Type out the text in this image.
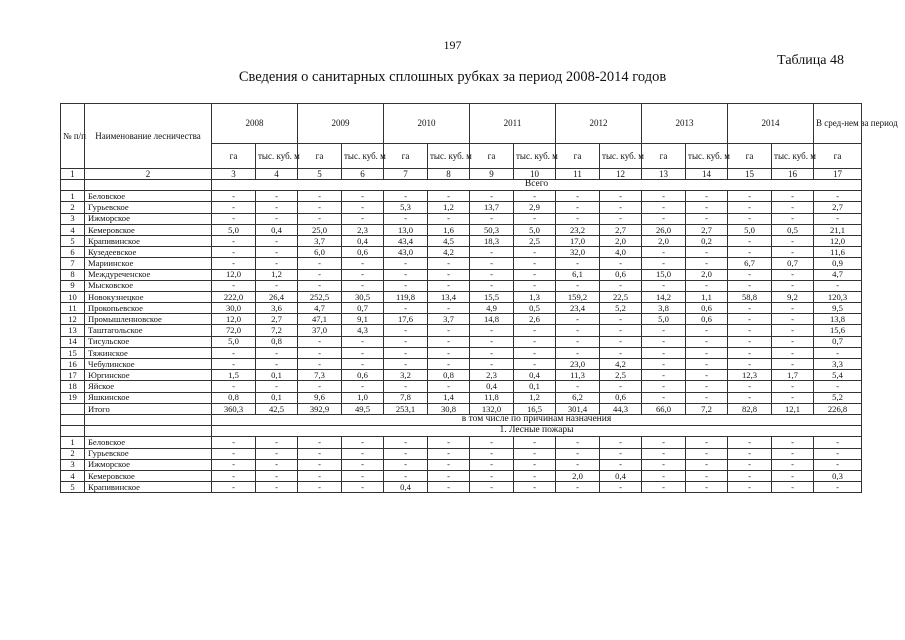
197
Таблица 48
Сведения о санитарных сплошных рубках за период 2008-2014 годов
№ п/п	Наименование лесничества	2008		2009		2010		2011		2012		2013		2014		В сред-нем за период
		га	тыс. куб. м	га	тыс. куб. м	га	тыс. куб. м	га	тыс. куб. м	га	тыс. куб. м	га	тыс. куб. м	га	тыс. куб. м	га
1	2	3	4	5	6	7	8	9	10	11	12	13	14	15	16	17
		Всего														
1	Беловское	-	-	-	-	-	-	-	-	-	-	-	-	-	-	-
2	Гурьевское	-	-	-	-	5,3	1,2	13,7	2,9	-	-	-	-	-	-	2,7
3	Ижморское	-	-	-	-	-	-	-	-	-	-	-	-	-	-	-
4	Кемеровское	5,0	0,4	25,0	2,3	13,0	1,6	50,3	5,0	23,2	2,7	26,0	2,7	5,0	0,5	21,1
5	Крапивинское	-	-	3,7	0,4	43,4	4,5	18,3	2,5	17,0	2,0	2,0	0,2	-	-	12,0
6	Кузедеевское	-	-	6,0	0,6	43,0	4,2	-	-	32,0	4,0	-	-	-	-	11,6
7	Мариинское	-	-	-	-	-	-	-	-	-	-	-	-	6,7	0,7	0,9
8	Междуреченское	12,0	1,2	-	-	-	-	-	-	6,1	0,6	15,0	2,0	-	-	4,7
9	Мысковское	-	-	-	-	-	-	-	-	-	-	-	-	-	-	-
10	Новокузнецкое	222,0	26,4	252,5	30,5	119,8	13,4	15,5	1,3	159,2	22,5	14,2	1,1	58,8	9,2	120,3
11	Прокопьевское	30,0	3,6	4,7	0,7	-	-	4,9	0,5	23,4	5,2	3,8	0,6	-	-	9,5
12	Промышленновское	12,0	2,7	47,1	9,1	17,6	3,7	14,8	2,6	-	-	5,0	0,6	-	-	13,8
13	Таштагольское	72,0	7,2	37,0	4,3	-	-	-	-	-	-	-	-	-	-	15,6
14	Тисульское	5,0	0,8	-	-	-	-	-	-	-	-	-	-	-	-	0,7
15	Тяжинское	-	-	-	-	-	-	-	-	-	-	-	-	-	-	-
16	Чебулинское	-	-	-	-	-	-	-	-	23,0	4,2	-	-	-	-	3,3
17	Юргинское	1,5	0,1	7,3	0,6	3,2	0,8	2,3	0,4	11,3	2,5	-	-	12,3	1,7	5,4
18	Яйское	-	-	-	-	-	-	0,4	0,1	-	-	-	-	-	-	-
19	Яшкинское	0,8	0,1	9,6	1,0	7,8	1,4	11,8	1,2	6,2	0,6	-	-	-	-	5,2
	Итого	360,3	42,5	392,9	49,5	253,1	30,8	132,0	16,5	301,4	44,3	66,0	7,2	82,8	12,1	226,8
		в том числе по причинам назначения														
		1. Лесные пожары														
1	Беловское	-	-	-	-	-	-	-	-	-	-	-	-	-	-	-
2	Гурьевское	-	-	-	-	-	-	-	-	-	-	-	-	-	-	-
3	Ижморское	-	-	-	-	-	-	-	-	-	-	-	-	-	-	-
4	Кемеровское	-	-	-	-	-	-	-	-	2,0	0,4	-	-	-	-	0,3
5	Крапивинское	-	-	-	-	0,4	-	-	-	-	-	-	-	-	-	-
